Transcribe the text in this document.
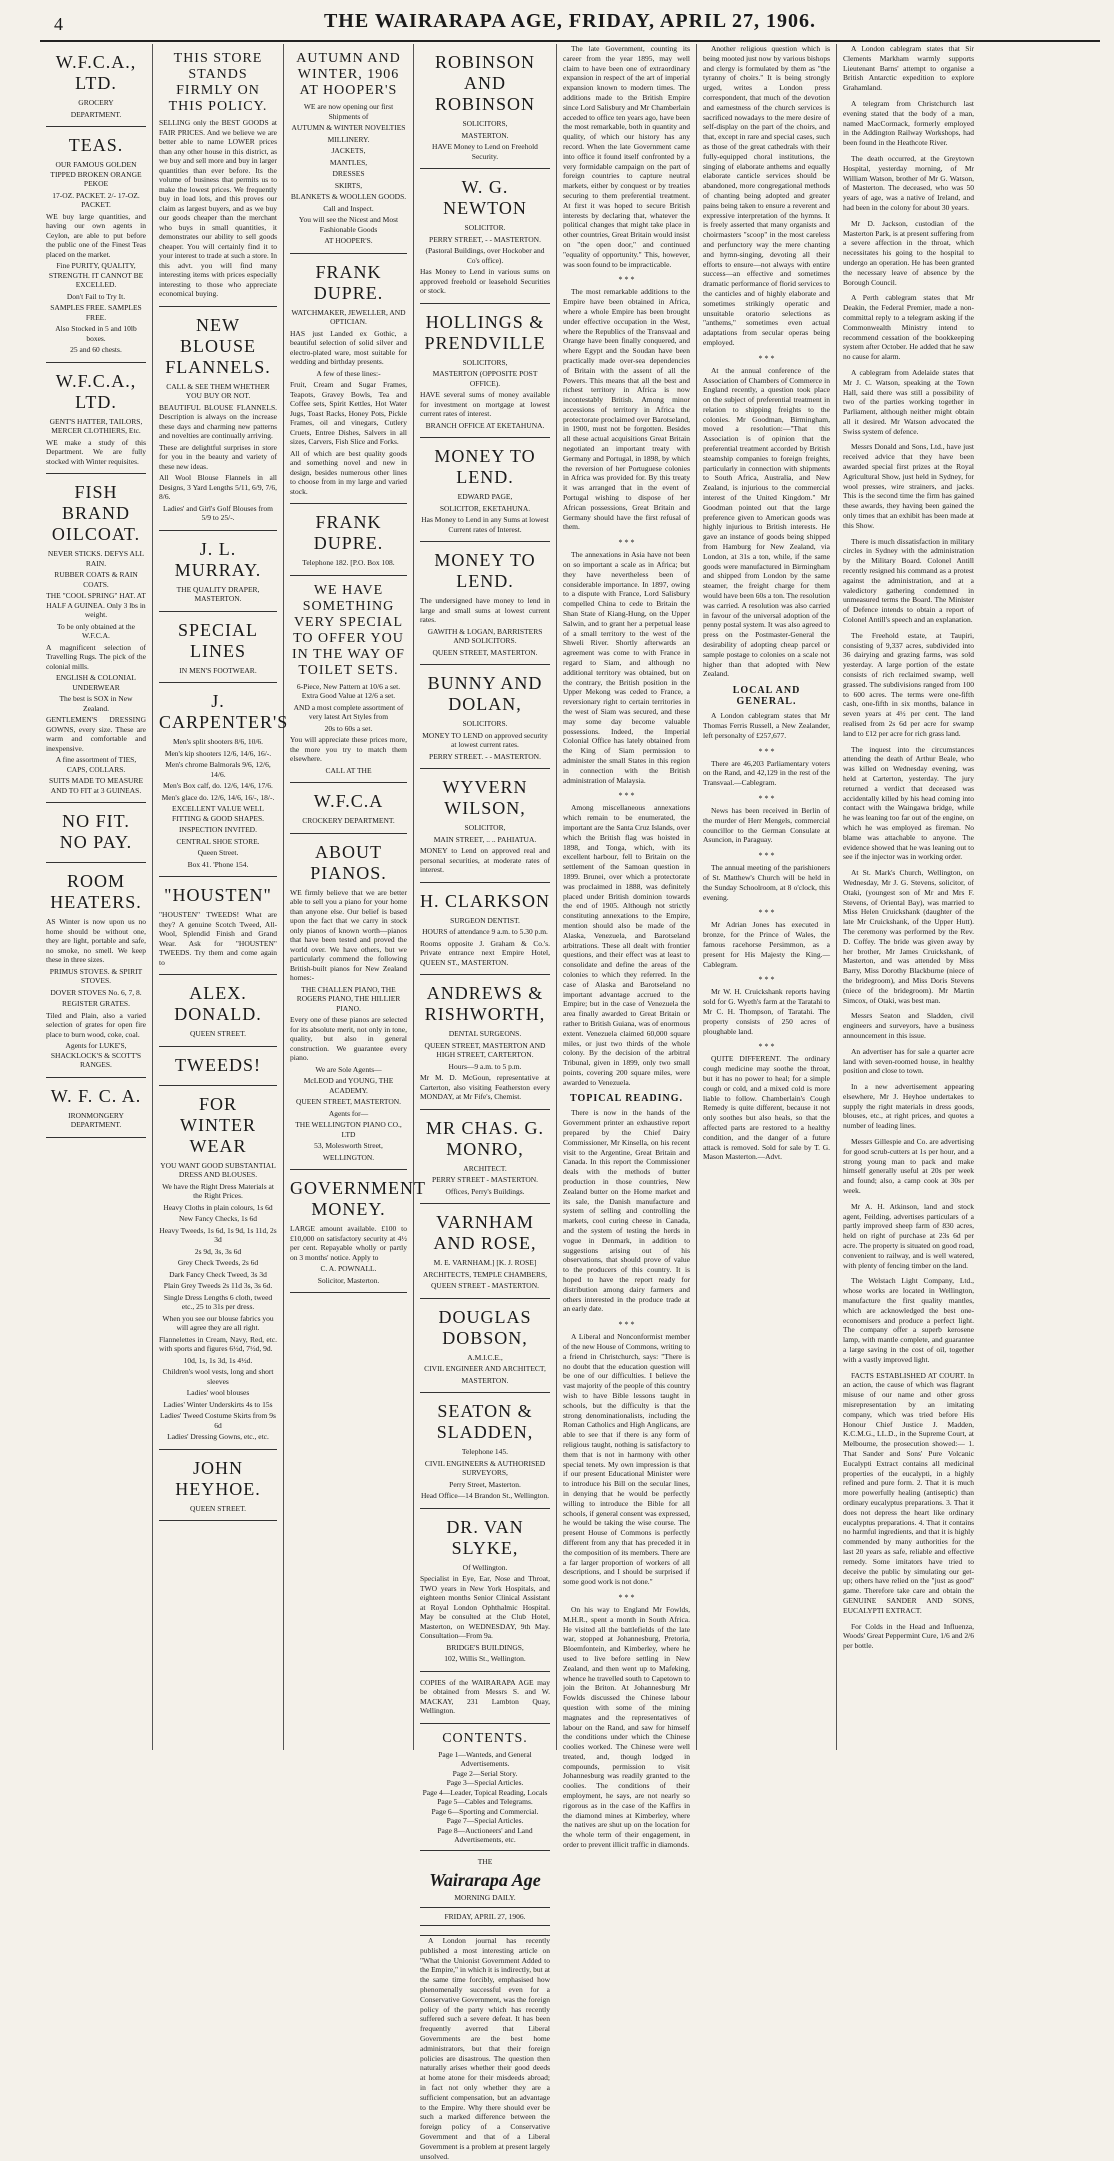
4	THE WAIRARAPA AGE, FRIDAY, APRIL 27, 1906.
W.F.C.A., LTD.
GROCERY
DEPARTMENT.
TEAS.
OUR FAMOUS GOLDEN TIPPED BROKEN ORANGE PEKOE
17-OZ. PACKET. 2/- 17-OZ. PACKET.
WE buy large quantities, and having our own agents in Ceylon, are able to put before the public one of the Finest Teas placed on the market.
Fine PURITY, QUALITY, STRENGTH. IT CANNOT BE EXCELLED.
Don't Fail to Try It.
SAMPLES FREE. SAMPLES FREE.
Also Stocked in 5 and 10lb boxes.
25 and 60 chests.
W.F.C.A., LTD.
GENT'S HATTER, TAILORS, MERCER CLOTHIERS, Etc.
WE make a study of this Department. We are fully stocked with Winter requisites.
FISH BRAND OILCOAT.
NEVER STICKS. DEFYS ALL RAIN.
RUBBER COATS & RAIN COATS.
THE "COOL SPRING" HAT. AT HALF A GUINEA. Only 3 lbs in weight.
To be only obtained at the W.F.C.A.
A magnificent selection of Travelling Rugs. The pick of the colonial mills.
ENGLISH & COLONIAL UNDERWEAR
The best is SOX in New Zealand.
GENTLEMEN'S DRESSING GOWNS, every size. These are warm and comfortable and inexpensive.
A fine assortment of TIES, CAPS, COLLARS.
SUITS MADE TO MEASURE AND TO FIT at 3 GUINEAS.
NO FIT. NO PAY.
ROOM HEATERS.
AS Winter is now upon us no home should be without one, they are light, portable and safe, no smoke, no smell. We keep these in three sizes.
PRIMUS STOVES. & SPIRIT STOVES.
DOVER STOVES No. 6, 7, 8.
REGISTER GRATES.
Tiled and Plain, also a varied selection of grates for open fire place to burn wood, coke, coal.
Agents for LUKE'S, SHACKLOCK'S & SCOTT'S RANGES.
W. F. C. A.
IRONMONGERY DEPARTMENT.
THIS STORE STANDS FIRMLY ON THIS POLICY.
SELLING only the BEST GOODS at FAIR PRICES. And we believe we are better able to name LOWER prices than any other house in this district, as we buy and sell more and buy in larger quantities than ever before. Its the volume of business that permits us to make the lowest prices. We frequently buy in load lots, and this proves our claim as largest buyers, and as we buy our goods cheaper than the merchant who buys in small quantities, it demonstrates our ability to sell goods cheaper. You will certainly find it to your interest to trade at such a store. In this advt. you will find many interesting items with prices especially interesting to those who appreciate economical buying.
NEW BLOUSE FLANNELS.
CALL & SEE THEM WHETHER YOU BUY OR NOT.
BEAUTIFUL BLOUSE FLANNELS. Description is always on the increase these days and charming new patterns and novelties are continually arriving.
These are delightful surprises in store for you in the beauty and variety of these new ideas.
All Wool Blouse Flannels in all Designs, 3 Yard Lengths 5/11, 6/9, 7/6, 8/6.
Ladies' and Girl's Golf Blouses from 5/9 to 25/-.
J. L. MURRAY.
THE QUALITY DRAPER, MASTERTON.
SPECIAL LINES
IN MEN'S FOOTWEAR.
J. CARPENTER'S
Men's split shooters 8/6, 10/6.
Men's kip shooters 12/6, 14/6, 16/-.
Men's chrome Balmorals 9/6, 12/6, 14/6.
Men's Box calf, do. 12/6, 14/6, 17/6.
Men's glace do. 12/6, 14/6, 16/-, 18/-.
EXCELLENT VALUE WELL FITTING & GOOD SHAPES.
INSPECTION INVITED.
CENTRAL SHOE STORE.
Queen Street.
Box 41. 'Phone 154.
"HOUSTEN"
"HOUSTEN" TWEEDS! What are they? A genuine Scotch Tweed, All-Wool, Splendid Finish and Grand Wear. Ask for "HOUSTEN" TWEEDS. Try them and come again to
ALEX. DONALD.
QUEEN STREET.
TWEEDS!
FOR WINTER WEAR
YOU WANT GOOD SUBSTANTIAL DRESS AND BLOUSES.
We have the Right Dress Materials at the Right Prices.
Heavy Cloths in plain colours, 1s 6d
New Fancy Checks, 1s 6d
Heavy Tweeds, 1s 6d, 1s 9d, 1s 11d, 2s 3d
2s 9d, 3s, 3s 6d
Grey Check Tweeds, 2s 6d
Dark Fancy Check Tweed, 3s 3d
Plain Grey Tweeds 2s 11d 3s, 3s 6d.
Single Dress Lengths 6 cloth, tweed etc., 25 to 31s per dress.
When you see our blouse fabrics you will agree they are all right.
Flannelettes in Cream, Navy, Red, etc. with sports and figures 6½d, 7½d, 9d.
10d, 1s, 1s 3d, 1s 4½d.
Children's wool vests, long and short sleeves
Ladies' wool blouses
Ladies' Winter Underskirts 4s to 15s
Ladies' Tweed Costume Skirts from 9s 6d
Ladies' Dressing Gowns, etc., etc.
JOHN HEYHOE.
QUEEN STREET.
AUTUMN AND WINTER, 1906 AT HOOPER'S
WE are now opening our first Shipments of
AUTUMN & WINTER NOVELTIES
MILLINERY.
JACKETS,
MANTLES,
DRESSES
SKIRTS,
BLANKETS & WOOLLEN GOODS.
Call and Inspect.
You will see the Nicest and Most Fashionable Goods
AT HOOPER'S.
FRANK DUPRE.
WATCHMAKER, JEWELLER, AND OPTICIAN.
HAS just Landed ex Gothic, a beautiful selection of solid silver and electro-plated ware, most suitable for wedding and birthday presents.
A few of these lines:-
Fruit, Cream and Sugar Frames, Teapots, Gravey Bowls, Tea and Coffee sets, Spirit Kettles, Hot Water Jugs, Toast Racks, Honey Pots, Pickle Frames, oil and vinegars, Cutlery Cruets, Entree Dishes, Salvers in all sizes, Carvers, Fish Slice and Forks.
All of which are best quality goods and something novel and new in design, besides numerous other lines to choose from in my large and varied stock.
FRANK DUPRE.
Telephone 182. [P.O. Box 108.
WE HAVE SOMETHING VERY SPECIAL TO OFFER YOU IN THE WAY OF TOILET SETS.
6-Piece, New Pattern at 10/6 a set. Extra Good Value at 12/6 a set.
AND a most complete assortment of very latest Art Styles from
20s to 60s a set.
You will appreciate these prices more, the more you try to match them elsewhere.
CALL AT THE
W.F.C.A
CROCKERY DEPARTMENT.
ABOUT PIANOS.
WE firmly believe that we are better able to sell you a piano for your home than anyone else. Our belief is based upon the fact that we carry in stock only pianos of known worth—pianos that have been tested and proved the world over. We have others, but we particularly commend the following British-built pianos for New Zealand homes:-
THE CHALLEN PIANO, THE ROGERS PIANO, THE HILLIER PIANO.
Every one of these pianos are selected for its absolute merit, not only in tone, quality, but also in general construction. We guarantee every piano.
We are Sole Agents—
McLEOD and YOUNG, THE ACADEMY.
QUEEN STREET, MASTERTON.
Agents for—
THE WELLINGTON PIANO CO., LTD
53, Molesworth Street,
WELLINGTON.
GOVERNMENT MONEY.
LARGE amount available. £100 to £10,000 on satisfactory security at 4½ per cent. Repayable wholly or partly on 3 months' notice. Apply to
C. A. POWNALL.
Solicitor, Masterton.
ROBINSON AND ROBINSON
SOLICITORS,
MASTERTON.
HAVE Money to Lend on Freehold Security.
W. G. NEWTON
SOLICITOR.
PERRY STREET, - - MASTERTON.
(Pastoral Buildings, over Hockober and Co's office).
Has Money to Lend in various sums on approved freehold or leasehold Securities or stock.
HOLLINGS & PRENDVILLE
SOLICITORS,
MASTERTON (OPPOSITE POST OFFICE).
HAVE several sums of money available for investment on mortgage at lowest current rates of interest.
BRANCH OFFICE AT EKETAHUNA.
MONEY TO LEND.
EDWARD PAGE,
SOLICITOR, EKETAHUNA.
Has Money to Lend in any Sums at lowest Current rates of Interest.
MONEY TO LEND.
The undersigned have money to lend in large and small sums at lowest current rates.
GAWITH & LOGAN, BARRISTERS AND SOLICITORS.
QUEEN STREET, MASTERTON.
BUNNY AND DOLAN,
SOLICITORS.
MONEY TO LEND on approved security at lowest current rates.
PERRY STREET. - - MASTERTON.
WYVERN WILSON,
SOLICITOR,
MAIN STREET, .. .. PAHIATUA.
MONEY to Lend on approved real and personal securities, at moderate rates of interest.
H. CLARKSON
SURGEON DENTIST.
HOURS of attendance 9 a.m. to 5.30 p.m.
Rooms opposite J. Graham & Co.'s. Private entrance next Empire Hotel, QUEEN ST., MASTERTON.
ANDREWS & RISHWORTH,
DENTAL SURGEONS.
QUEEN STREET, MASTERTON AND HIGH STREET, CARTERTON.
Hours—9 a.m. to 5 p.m.
Mr M. D. McGoun, representative at Carterton, also visiting Featherston every MONDAY, at Mr Fife's, Chemist.
MR CHAS. G. MONRO,
ARCHITECT.
PERRY STREET - MASTERTON.
Offices, Perry's Buildings.
VARNHAM AND ROSE,
M. E. VARNHAM.] [K. J. ROSE]
ARCHITECTS, TEMPLE CHAMBERS,
QUEEN STREET - MASTERTON.
DOUGLAS DOBSON,
A.M.I.C.E.,
CIVIL ENGINEER AND ARCHITECT,
MASTERTON.
SEATON & SLADDEN,
Telephone 145.
CIVIL ENGINEERS & AUTHORISED SURVEYORS,
Perry Street, Masterton.
Head Office—14 Brandon St., Wellington.
DR. VAN SLYKE,
Of Wellington.
Specialist in Eye, Ear, Nose and Throat, TWO years in New York Hospitals, and eighteen months Senior Clinical Assistant at Royal London Ophthalmic Hospital. May be consulted at the Club Hotel, Masterton, on WEDNESDAY, 9th May. Consultation—From 9a.
BRIDGE'S BUILDINGS,
102, Willis St., Wellington.
COPIES of the WAIRARAPA AGE may be obtained from Messrs S. and W. MACKAY, 231 Lambton Quay, Wellington.
CONTENTS.
Page 1—Wanteds, and General Advertisements.
Page 2—Serial Story.
Page 3—Special Articles.
Page 4—Leader, Topical Reading, Locals
Page 5—Cables and Telegrams.
Page 6—Sporting and Commercial.
Page 7—Special Articles.
Page 8—Auctioneers' and Land Advertisements, etc.
THE
Wairarapa Age
MORNING DAILY.
FRIDAY, APRIL 27, 1906.

A London journal has recently published a most interesting article on "What the Unionist Government Added to the Empire," in which it is indirectly, but at the same time forcibly, emphasised how phenomenally successful even for a Conservative Government, was the foreign policy of the party which has recently suffered such a severe defeat. It has been frequently averred that Liberal Governments are the best home administrators, but that their foreign policies are disastrous. The question then naturally arises whether their good deeds at home atone for their misdeeds abroad; in fact not only whether they are a sufficient compensation, but an advantage to the Empire. Why there should ever be such a marked difference between the foreign policy of a Conservative Government and that of a Liberal Government is a problem at present largely unsolved.

The late Government, counting its career from the year 1895, may well claim to have been one of extraordinary expansion in respect of the art of imperial expansion known to modern times. The additions made to the British Empire since Lord Salisbury and Mr Chamberlain acceded to office ten years ago, have been the most remarkable, both in quantity and quality, of which our history has any record. When the late Government came into office it found itself confronted by a very formidable campaign on the part of foreign countries to capture neutral markets, either by conquest or by treaties securing to them preferential treatment. At first it was hoped to secure British interests by declaring that, whatever the political changes that might take place in other countries, Great Britain would insist on "the open door," and continued "equality of opportunity." This, however, was soon found to be impracticable.

* * *

The most remarkable additions to the Empire have been obtained in Africa, where a whole Empire has been brought under effective occupation in the West, where the Republics of the Transvaal and Orange have been finally conquered, and where Egypt and the Soudan have been practically made over-sea dependencies of Britain with the assent of all the Powers. This means that all the best and richest territory in Africa is now incontestably British. Among minor accessions of territory in Africa the protectorate proclaimed over Barotseland, in 1900, must not be forgotten. Besides all these actual acquisitions Great Britain negotiated an important treaty with Germany and Portugal, in 1898, by which the reversion of her Portuguese colonies in Africa was provided for. By this treaty it was arranged that in the event of Portugal wishing to dispose of her African possessions, Great Britain and Germany should have the first refusal of them.

* * *

The annexations in Asia have not been on so important a scale as in Africa; but they have nevertheless been of considerable importance. In 1897, owing to a dispute with France, Lord Salisbury compelled China to cede to Britain the Shan State of Kiang-Hung, on the Upper Salwin, and to grant her a perpetual lease of a small territory to the west of the Shweli River. Shortly afterwards an agreement was come to with France in regard to Siam, and although no additional territory was obtained, but on the contrary, the British position in the Upper Mekong was ceded to France, a reversionary right to certain territories in the west of Siam was secured, and these may some day become valuable possessions. Indeed, the Imperial Colonial Office has lately obtained from the King of Siam permission to administer the small States in this region in connection with the British administration of Malaysia.

* * *

Among miscellaneous annexations which remain to be enumerated, the important are the Santa Cruz Islands, over which the British flag was hoisted in 1898, and Tonga, which, with its excellent harbour, fell to Britain on the settlement of the Samoan question in 1899. Brunei, over which a protectorate was proclaimed in 1888, was definitely placed under British dominion towards the end of 1905. Although not strictly constituting annexations to the Empire, mention should also be made of the Alaska, Venezuela, and Barotseland arbitrations. These all dealt with frontier questions, and their effect was at least to consolidate and define the areas of the colonies to which they referred. In the case of Alaska and Barotseland no important advantage accrued to the Empire; but in the case of Venezuela the area finally awarded to Great Britain or rather to British Guiana, was of enormous extent. Venezuela claimed 60,000 square miles, or just two thirds of the whole colony. By the decision of the arbitral Tribunal, given in 1899, only two small points, covering 200 square miles, were awarded to Venezuela.

TOPICAL READING.

There is now in the hands of the Government printer an exhaustive report prepared by the Chief Dairy Commissioner, Mr Kinsella, on his recent visit to the Argentine, Great Britain and Canada. In this report the Commissioner deals with the methods of butter production in those countries, New Zealand butter on the Home market and its sale, the Danish manufacture and system of selling and controlling the markets, cool curing cheese in Canada, and the system of testing the herds in vogue in Denmark, in addition to suggestions arising out of his observations, that should prove of value to the producers of this country. It is hoped to have the report ready for distribution among dairy farmers and others interested in the produce trade at an early date.

* * *

A Liberal and Nonconformist member of the new House of Commons, writing to a friend in Christchurch, says: "There is no doubt that the education question will be one of our difficulties. I believe the vast majority of the people of this country wish to have Bible lessons taught in schools, but the difficulty is that the strong denominationalists, including the Roman Catholics and High Anglicans, are able to see that if there is any form of religious taught, nothing is satisfactory to them that is not in harmony with other special tenets. My own impression is that if our present Educational Minister were to introduce his Bill on the secular lines, in denying that he would be perfectly willing to introduce the Bible for all schools, if general consent was expressed, he would be taking the wise course. The present House of Commons is perfectly different from any that has preceded it in the composition of its members. There are a far larger proportion of workers of all descriptions, and I should be surprised if some good work is not done."

* * *

On his way to England Mr Fowlds, M.H.R., spent a month in South Africa. He visited all the battlefields of the late war, stopped at Johannesburg, Pretoria, Bloemfontein, and Kimberley, where he used to live before settling in New Zealand, and then went up to Mafeking, whence he travelled south to Capetown to join the Briton. At Johannesburg Mr Fowlds discussed the Chinese labour question with some of the mining magnates and the representatives of labour on the Rand, and saw for himself the conditions under which the Chinese coolies worked. The Chinese were well treated, and, though lodged in compounds, permission to visit Johannesburg was readily granted to the coolies. The conditions of their employment, he says, are not nearly so rigorous as in the case of the Kaffirs in the diamond mines at Kimberley, where the natives are shut up on the location for the whole term of their engagement, in order to prevent illicit traffic in diamonds.

Another religious question which is being mooted just now by various bishops and clergy is formulated by them as "the tyranny of choirs." It is being strongly urged, writes a London press correspondent, that much of the devotion and earnestness of the church services is sacrificed nowadays to the mere desire of self-display on the part of the choirs, and that, except in rare and special cases, such as those of the great cathedrals with their fully-equipped choral institutions, the singing of elaborate anthems and equally elaborate canticle services should be abandoned, more congregational methods of chanting being adopted and greater pains being taken to ensure a reverent and expressive interpretation of the hymns. It is freely asserted that many organists and choirmasters "scoop" in the most careless and perfunctory way the mere chanting and hymn-singing, devoting all their efforts to ensure—not always with entire success—an effective and sometimes dramatic performance of florid services to the canticles and of highly elaborate and sometimes strikingly operatic and unsuitable oratorio selections as "anthems," sometimes even actual adaptations from secular operas being employed.

* * *

At the annual conference of the Association of Chambers of Commerce in England recently, a question took place on the subject of preferential treatment in relation to shipping freights to the colonies. Mr Goodman, Birmingham, moved a resolution:—"That this Association is of opinion that the preferential treatment accorded by British steamship companies to foreign freights, particularly in connection with shipments to South Africa, Australia, and New Zealand, is injurious to the commercial interest of the United Kingdom." Mr Goodman pointed out that the large preference given to American goods was highly injurious to British interests. He gave an instance of goods being shipped from Hamburg for New Zealand, via London, at 31s a ton, while, if the same goods were manufactured in Birmingham and shipped from London by the same steamer, the freight charge for them would have been 60s a ton. The resolution was carried. A resolution was also carried in favour of the universal adoption of the penny postal system. It was also agreed to press on the Postmaster-General the desirability of adopting cheap parcel or sample postage to colonies on a scale not higher than that adopted with New Zealand.

LOCAL AND GENERAL.

A London cablegram states that Mr Thomas Ferris Russell, a New Zealander, left personalty of £257,677.

* * *

There are 46,203 Parliamentary voters on the Rand, and 42,129 in the rest of the Transvaal.—Cablegram.

* * *

News has been received in Berlin of the murder of Herr Mengels, commercial councillor to the German Consulate at Asuncion, in Paraguay.

* * *

The annual meeting of the parishioners of St. Matthew's Church will be held in the Sunday Schoolroom, at 8 o'clock, this evening.

* * *

Mr Adrian Jones has executed in bronze, for the Prince of Wales, the famous racehorse Persimmon, as a present for His Majesty the King.—Cablegram.

* * *

Mr W. H. Cruickshank reports having sold for G. Wyeth's farm at the Taratahi to Mr C. H. Thompson, of Taratahi. The property consists of 250 acres of ploughable land.

* * *

QUITE DIFFERENT. The ordinary cough medicine may soothe the throat, but it has no power to heal; for a simple cough or cold, and a mixed cold is more liable to follow. Chamberlain's Cough Remedy is quite different, because it not only soothes but also heals, so that the affected parts are restored to a healthy condition, and the danger of a future attack is removed. Sold for sale by T. G. Mason Masterton.—Advt.

A London cablegram states that Sir Clements Markham warmly supports Lieutenant Barns' attempt to organise a British Antarctic expedition to explore Grahamland.

A telegram from Christchurch last evening stated that the body of a man, named MacCormack, formerly employed in the Addington Railway Workshops, had been found in the Heathcote River.

The death occurred, at the Greytown Hospital, yesterday morning, of Mr William Watson, brother of Mr G. Watson, of Masterton. The deceased, who was 50 years of age, was a native of Ireland, and had been in the colony for about 30 years.

Mr D. Jackson, custodian of the Masterton Park, is at present suffering from a severe affection in the throat, which necessitates his going to the hospital to undergo an operation. He has been granted the necessary leave of absence by the Borough Council.

A Perth cablegram states that Mr Deakin, the Federal Premier, made a non-committal reply to a telegram asking if the Commonwealth Ministry intend to recommend cessation of the bookkeeping system after October. He added that he saw no cause for alarm.

A cablegram from Adelaide states that Mr J. C. Watson, speaking at the Town Hall, said there was still a possibility of two of the parties working together in Parliament, although neither might obtain all it desired. Mr Watson advocated the Swiss system of defence.

Messrs Donald and Sons, Ltd., have just received advice that they have been awarded special first prizes at the Royal Agricultural Show, just held in Sydney, for wool presses, wire strainers, and jacks. This is the second time the firm has gained these awards, they having been gained the only times that an exhibit has been made at this Show.

There is much dissatisfaction in military circles in Sydney with the administration by the Military Board. Colonel Antill recently resigned his command as a protest against the administration, and at a valedictory gathering condemned in unmeasured terms the Board. The Minister of Defence intends to obtain a report of Colonel Antill's speech and an explanation.

The Freehold estate, at Taupiri, consisting of 9,337 acres, subdivided into 36 dairying and grazing farms, was sold yesterday. A large portion of the estate consists of rich reclaimed swamp, well grassed. The subdivisions ranged from 100 to 600 acres. The terms were one-fifth cash, one-fifth in six months, balance in seven years at 4½ per cent. The land realised from 2s 6d per acre for swamp land to £12 per acre for rich grass land.

The inquest into the circumstances attending the death of Arthur Beale, who was killed on Wednesday evening, was held at Carterton, yesterday. The jury returned a verdict that deceased was accidentally killed by his head coming into contact with the Waingawa bridge, while he was leaning too far out of the engine, on which he was employed as fireman. No blame was attachable to anyone. The evidence showed that he was leaning out to see if the injector was in working order.

At St. Mark's Church, Wellington, on Wednesday, Mr J. G. Stevens, solicitor, of Otaki, (youngest son of Mr and Mrs F. Stevens, of Oriental Bay), was married to Miss Helen Cruickshank (daughter of the late Mr Cruickshank, of the Upper Hutt). The ceremony was performed by the Rev. D. Coffey. The bride was given away by her brother, Mr James Cruickshank, of Masterton, and was attended by Miss Barry, Miss Dorothy Blackburne (niece of the bridegroom), and Miss Doris Stevens (niece of the bridegroom). Mr Martin Simcox, of Otaki, was best man.

Messrs Seaton and Sladden, civil engineers and surveyors, have a business announcement in this issue.

An advertiser has for sale a quarter acre land with seven-roomed house, in healthy position and close to town.

In a new advertisement appearing elsewhere, Mr J. Heyhoe undertakes to supply the right materials in dress goods, blouses, etc., at right prices, and quotes a number of leading lines.

Messrs Gillespie and Co. are advertising for good scrub-cutters at 1s per hour, and a strong young man to pack and make himself generally useful at 20s per week and found; also, a camp cook at 30s per week.

Mr A. H. Atkinson, land and stock agent, Feilding, advertises particulars of a partly improved sheep farm of 830 acres, held on right of purchase at 23s 6d per acre. The property is situated on good road, convenient to railway, and is well watered, with plenty of fencing timber on the land.

The Welstach Light Company, Ltd., whose works are located in Wellington, manufacture the first quality mantles, which are acknowledged the best one-economisers and produce a perfect light. The company offer a superb kerosene lamp, with mantle complete, and guarantee a large saving in the cost of oil, together with a vastly improved light.

FACTS ESTABLISHED AT COURT. In an action, the cause of which was flagrant misuse of our name and other gross misrepresentation by an imitating company, which was tried before His Honour Chief Justice J. Madden, K.C.M.G., LL.D., in the Supreme Court, at Melbourne, the prosecution showed:— 1. That Sander and Sons' Pure Volcanic Eucalypti Extract contains all medicinal properties of the eucalypti, in a highly refined and pure form. 2. That it is much more powerfully healing (antiseptic) than ordinary eucalyptus preparations. 3. That it does not depress the heart like ordinary eucalyptus preparations. 4. That it contains no harmful ingredients, and that it is highly commended by many authorities for the last 20 years as safe, reliable and effective remedy. Some imitators have tried to deceive the public by simulating our get-up; others have relied on the "just as good" game. Therefore take care and obtain the GENUINE SANDER AND SONS, EUCALYPTI EXTRACT.

For Colds in the Head and Influenza, Woods' Great Peppermint Cure, 1/6 and 2/6 per bottle.
